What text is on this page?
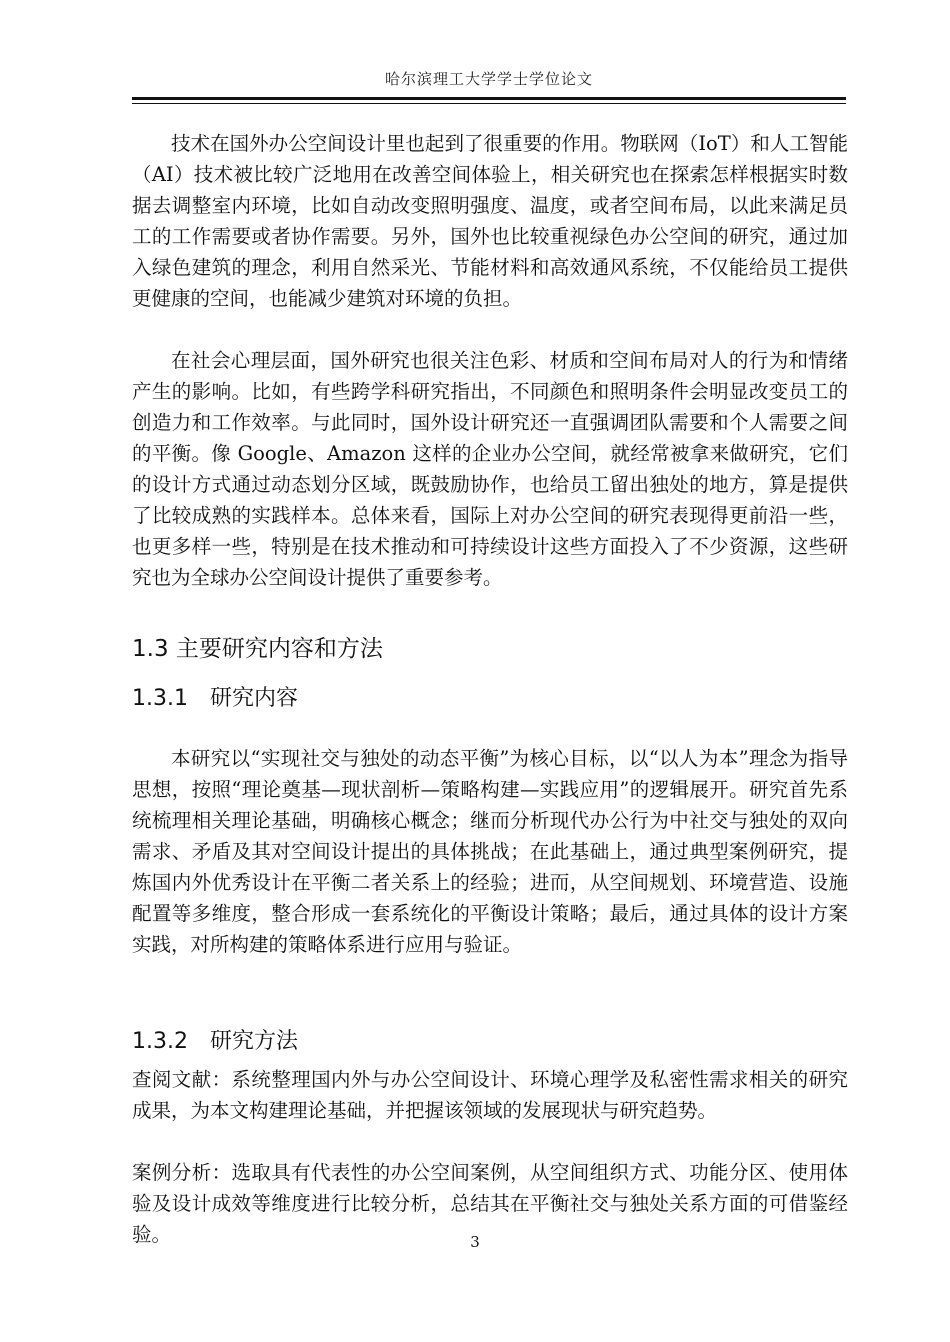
哈尔滨理工大学学士学位论文

技术在国外办公空间设计里也起到了很重要的作用。物联网（IoT）和人工智能（AI）技术被比较广泛地用在改善空间体验上，相关研究也在探索怎样根据实时数据去调整室内环境，比如自动改变照明强度、温度，或者空间布局，以此来满足员工的工作需要或者协作需要。另外，国外也比较重视绿色办公空间的研究，通过加入绿色建筑的理念，利用自然采光、节能材料和高效通风系统，不仅能给员工提供更健康的空间，也能减少建筑对环境的负担。

在社会心理层面，国外研究也很关注色彩、材质和空间布局对人的行为和情绪产生的影响。比如，有些跨学科研究指出，不同颜色和照明条件会明显改变员工的创造力和工作效率。与此同时，国外设计研究还一直强调团队需要和个人需要之间的平衡。像 Google、Amazon 这样的企业办公空间，就经常被拿来做研究，它们的设计方式通过动态划分区域，既鼓励协作，也给员工留出独处的地方，算是提供了比较成熟的实践样本。总体来看，国际上对办公空间的研究表现得更前沿一些，也更多样一些，特别是在技术推动和可持续设计这些方面投入了不少资源，这些研究也为全球办公空间设计提供了重要参考。

1.3 主要研究内容和方法
1.3.1 研究内容

本研究以“实现社交与独处的动态平衡”为核心目标，以“以人为本”理念为指导思想，按照“理论奠基—现状剖析—策略构建—实践应用”的逻辑展开。研究首先系统梳理相关理论基础，明确核心概念；继而分析现代办公行为中社交与独处的双向需求、矛盾及其对空间设计提出的具体挑战；在此基础上，通过典型案例研究，提炼国内外优秀设计在平衡二者关系上的经验；进而，从空间规划、环境营造、设施配置等多维度，整合形成一套系统化的平衡设计策略；最后，通过具体的设计方案实践，对所构建的策略体系进行应用与验证。

1.3.2 研究方法

查阅文献：系统整理国内外与办公空间设计、环境心理学及私密性需求相关的研究成果，为本文构建理论基础，并把握该领域的发展现状与研究趋势。

案例分析：选取具有代表性的办公空间案例，从空间组织方式、功能分区、使用体验及设计成效等维度进行比较分析，总结其在平衡社交与独处关系方面的可借鉴经验。	3
